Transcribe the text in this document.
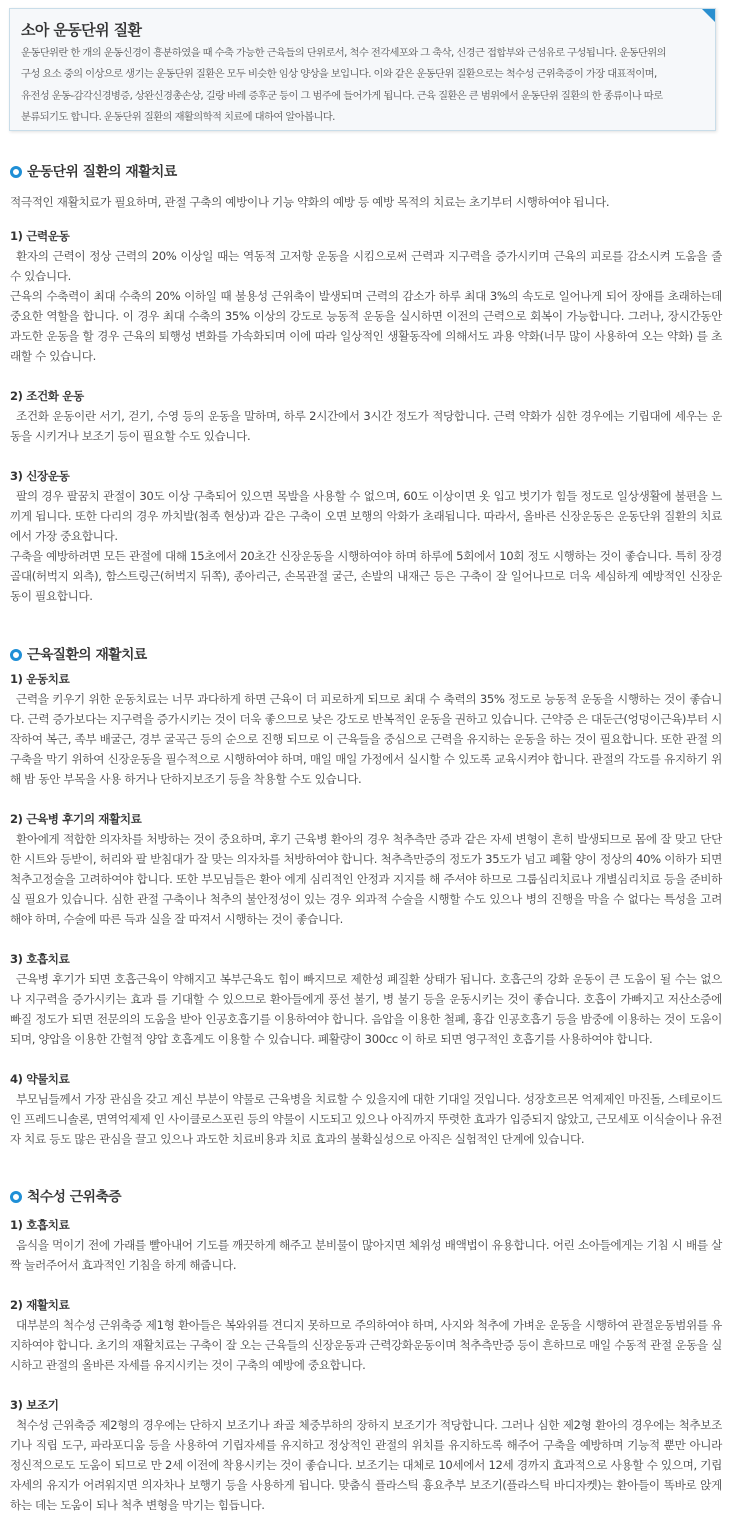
소아 운동단위 질환
운동단위란 한 개의 운동신경이 흥분하였을 때 수축 가능한 근육들의 단위로서, 척수 전각세포와 그 축삭, 신경근 접합부와 근섬유로 구성됩니다. 운동단위의
구성 요소 중의 이상으로 생기는 운동단위 질환은 모두 비슷한 임상 양상을 보입니다. 이와 같은 운동단위 질환으로는 척수성 근위축증이 가장 대표적이며,
유전성 운동-감각신경병증, 상완신경총손상, 길랑 바레 증후군 등이 그 범주에 들어가게 됩니다. 근육 질환은 큰 범위에서 운동단위 질환의 한 종류이나 따로
분류되기도 합니다. 운동단위 질환의 재활의학적 치료에 대하여 알아봅니다.
운동단위 질환의 재활치료
적극적인 재활치료가 필요하며, 관절 구축의 예방이나 기능 약화의 예방 등 예방 목적의 치료는 초기부터 시행하여야 됩니다.
1) 근력운동
환자의 근력이 정상 근력의 20% 이상일 때는 역동적 고저항 운동을 시킴으로써 근력과 지구력을 증가시키며 근육의 피로를 감소시켜 도움을 줄 수 있습니다.
근육의 수축력이 최대 수축의 20% 이하일 때 불용성 근위축이 발생되며 근력의 감소가 하루 최대 3%의 속도로 일어나게 되어 장애를 초래하는데 중요한 역할을 합니다. 이 경우 최대 수축의 35% 이상의 강도로 능동적 운동을 실시하면 이전의 근력으로 회복이 가능합니다. 그러나, 장시간동안 과도한 운동을 할 경우 근육의 퇴행성 변화를 가속화되며 이에 따라 일상적인 생활동작에 의해서도 과용 약화(너무 많이 사용하여 오는 약화) 를 초래할 수 있습니다.
2) 조건화 운동
조건화 운동이란 서기, 걷기, 수영 등의 운동을 말하며, 하루 2시간에서 3시간 정도가 적당합니다. 근력 약화가 심한 경우에는 기립대에 세우는 운동을 시키거나 보조기 등이 필요할 수도 있습니다.
3) 신장운동
팔의 경우 팔꿈치 관절이 30도 이상 구축되어 있으면 목발을 사용할 수 없으며, 60도 이상이면 옷 입고 벗기가 힘들 정도로 일상생활에 불편을 느끼게 됩니다. 또한 다리의 경우 까치발(첨족 현상)과 같은 구축이 오면 보행의 악화가 초래됩니다. 따라서, 올바른 신장운동은 운동단위 질환의 치료에서 가장 중요합니다.
구축을 예방하려면 모든 관절에 대해 15초에서 20초간 신장운동을 시행하여야 하며 하루에 5회에서 10회 정도 시행하는 것이 좋습니다. 특히 장경골대(허벅지 외측), 함스트링근(허벅지 뒤쪽), 종아리근, 손목관절 굴근, 손발의 내재근 등은 구축이 잘 일어나므로 더욱 세심하게 예방적인 신장운동이 필요합니다.
근육질환의 재활치료
1) 운동치료
근력을 키우기 위한 운동치료는 너무 과다하게 하면 근육이 더 피로하게 되므로 최대 수 축력의 35% 정도로 능동적 운동을 시행하는 것이 좋습니다. 근력 증가보다는 지구력을 증가시키는 것이 더욱 좋으므로 낮은 강도로 반복적인 운동을 권하고 있습니다. 근약증 은 대둔근(엉덩이근육)부터 시작하여 복근, 족부 배굴근, 경부 굴곡근 등의 순으로 진행 되므로 이 근육들을 중심으로 근력을 유지하는 운동을 하는 것이 필요합니다. 또한 관절 의 구축을 막기 위하여 신장운동을 필수적으로 시행하여야 하며, 매일 매일 가정에서 실시할 수 있도록 교육시켜야 합니다. 관절의 각도를 유지하기 위해 밤 동안 부목을 사용 하거나 단하지보조기 등을 착용할 수도 있습니다.
2) 근육병 후기의 재활치료
환아에게 적합한 의자차를 처방하는 것이 중요하며, 후기 근육병 환아의 경우 척추측만 증과 같은 자세 변형이 흔히 발생되므로 몸에 잘 맞고 단단한 시트와 등받이, 허리와 팔 받침대가 잘 맞는 의자차를 처방하여야 합니다. 척추측만증의 정도가 35도가 넘고 폐활 양이 정상의 40% 이하가 되면 척추고정술을 고려하여야 합니다. 또한 부모님들은 환아 에게 심리적인 안정과 지지를 해 주셔야 하므로 그룹심리치료나 개별심리치료 등을 준비하실 필요가 있습니다. 심한 관절 구축이나 척추의 불안정성이 있는 경우 외과적 수술을 시행할 수도 있으나 병의 진행을 막을 수 없다는 특성을 고려해야 하며, 수술에 따른 득과 실을 잘 따져서 시행하는 것이 좋습니다.
3) 호흡치료
근육병 후기가 되면 호흡근육이 약해지고 복부근육도 힘이 빠지므로 제한성 폐질환 상태가 됩니다. 호흡근의 강화 운동이 큰 도움이 될 수는 없으나 지구력을 증가시키는 효과 를 기대할 수 있으므로 환아들에게 풍선 불기, 병 불기 등을 운동시키는 것이 좋습니다. 호흡이 가빠지고 저산소증에 빠질 정도가 되면 전문의의 도움을 받아 인공호흡기를 이용하여야 합니다. 음압을 이용한 철폐, 흉갑 인공호흡기 등을 밤중에 이용하는 것이 도움이 되며, 양압을 이용한 간헐적 양압 호흡계도 이용할 수 있습니다. 폐활량이 300cc 이 하로 되면 영구적인 호흡기를 사용하여야 합니다.
4) 약물치료
부모님들께서 가장 관심을 갖고 계신 부분이 약물로 근육병을 치료할 수 있을지에 대한 기대일 것입니다. 성장호르몬 억제제인 마진돌, 스테로이드인 프레드니솔론, 면역억제제 인 사이클로스포린 등의 약물이 시도되고 있으나 아직까지 뚜렷한 효과가 입증되지 않았고, 근모세포 이식술이나 유전자 치료 등도 많은 관심을 끌고 있으나 과도한 치료비용과 치료 효과의 불확실성으로 아직은 실험적인 단계에 있습니다.
척수성 근위축증
1) 호흡치료
음식을 먹이기 전에 가래를 빨아내어 기도를 깨끗하게 해주고 분비물이 많아지면 체위성 배액법이 유용합니다. 어린 소아들에게는 기침 시 배를 살짝 눌러주어서 효과적인 기침을 하게 해줍니다.
2) 재활치료
대부분의 척수성 근위축증 제1형 환아들은 복와위를 견디지 못하므로 주의하여야 하며, 사지와 척추에 가벼운 운동을 시행하여 관절운동범위를 유지하여야 합니다. 초기의 재활치료는 구축이 잘 오는 근육들의 신장운동과 근력강화운동이며 척추측만증 등이 흔하므로 매일 수동적 관절 운동을 실시하고 관절의 올바른 자세를 유지시키는 것이 구축의 예방에 중요합니다.
3) 보조기
척수성 근위축증 제2형의 경우에는 단하지 보조기나 좌골 체중부하의 장하지 보조기가 적당합니다. 그러나 심한 제2형 환아의 경우에는 척추보조기나 직립 도구, 파라포디움 등을 사용하여 기립자세를 유지하고 정상적인 관절의 위치를 유지하도록 해주어 구축을 예방하며 기능적 뿐만 아니라 정신적으로도 도움이 되므로 만 2세 이전에 착용시키는 것이 좋습니다. 보조기는 대체로 10세에서 12세 경까지 효과적으로 사용할 수 있으며, 기립자세의 유지가 어려워지면 의자차나 보행기 등을 사용하게 됩니다. 맞춤식 플라스틱 흉요추부 보조기(플라스틱 바디자켓)는 환아들이 똑바로 앉게 하는 데는 도움이 되나 척추 변형을 막기는 힘듭니다.
